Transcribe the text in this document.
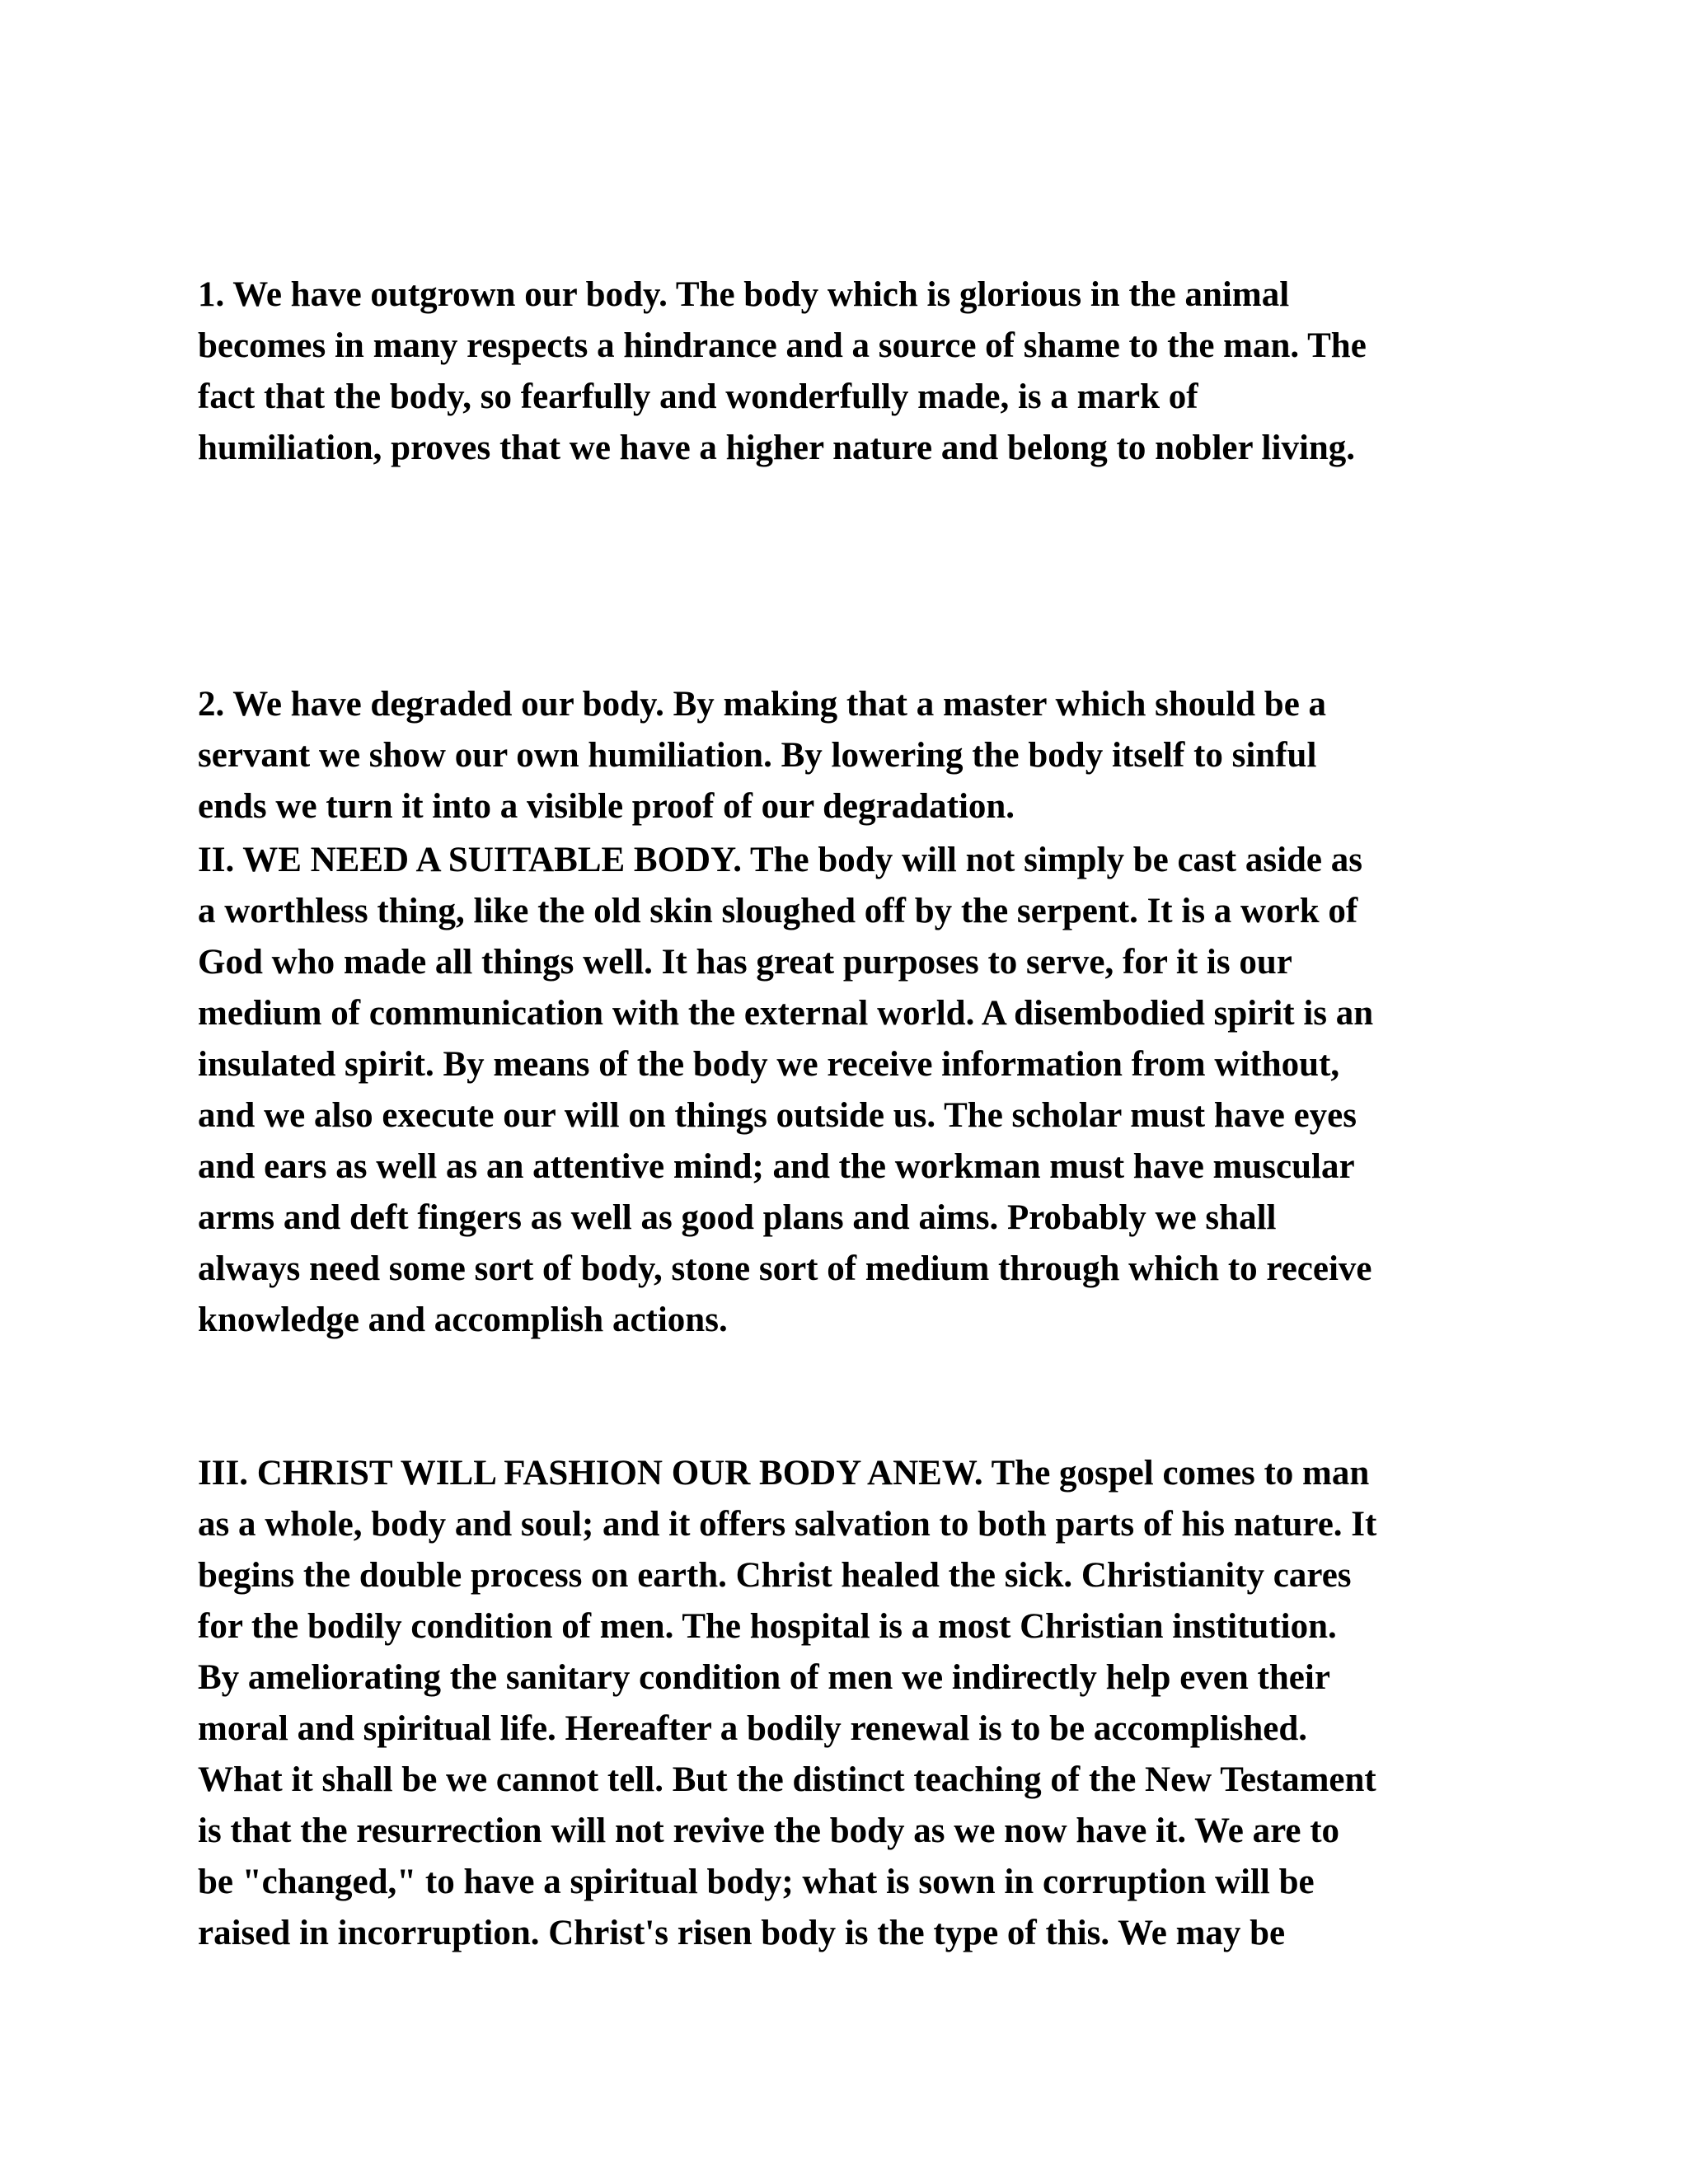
1. We have outgrown our body. The body which is glorious in the animal
becomes in many respects a hindrance and a source of shame to the man. The
fact that the body, so fearfully and wonderfully made, is a mark of
humiliation, proves that we have a higher nature and belong to nobler living.
2. We have degraded our body. By making that a master which should be a
servant we show our own humiliation. By lowering the body itself to sinful
ends we turn it into a visible proof of our degradation.
II. WE NEED A SUITABLE BODY. The body will not simply be cast aside as
a worthless thing, like the old skin sloughed off by the serpent. It is a work of
God who made all things well. It has great purposes to serve, for it is our
medium of communication with the external world. A disembodied spirit is an
insulated spirit. By means of the body we receive information from without,
and we also execute our will on things outside us. The scholar must have eyes
and ears as well as an attentive mind; and the workman must have muscular
arms and deft fingers as well as good plans and aims. Probably we shall
always need some sort of body, stone sort of medium through which to receive
knowledge and accomplish actions.
III. CHRIST WILL FASHION OUR BODY ANEW. The gospel comes to man
as a whole, body and soul; and it offers salvation to both parts of his nature. It
begins the double process on earth. Christ healed the sick. Christianity cares
for the bodily condition of men. The hospital is a most Christian institution.
By ameliorating the sanitary condition of men we indirectly help even their
moral and spiritual life. Hereafter a bodily renewal is to be accomplished.
What it shall be we cannot tell. But the distinct teaching of the New Testament
is that the resurrection will not revive the body as we now have it. We are to
be "changed," to have a spiritual body; what is sown in corruption will be
raised in incorruption. Christ's risen body is the type of this. We may be
